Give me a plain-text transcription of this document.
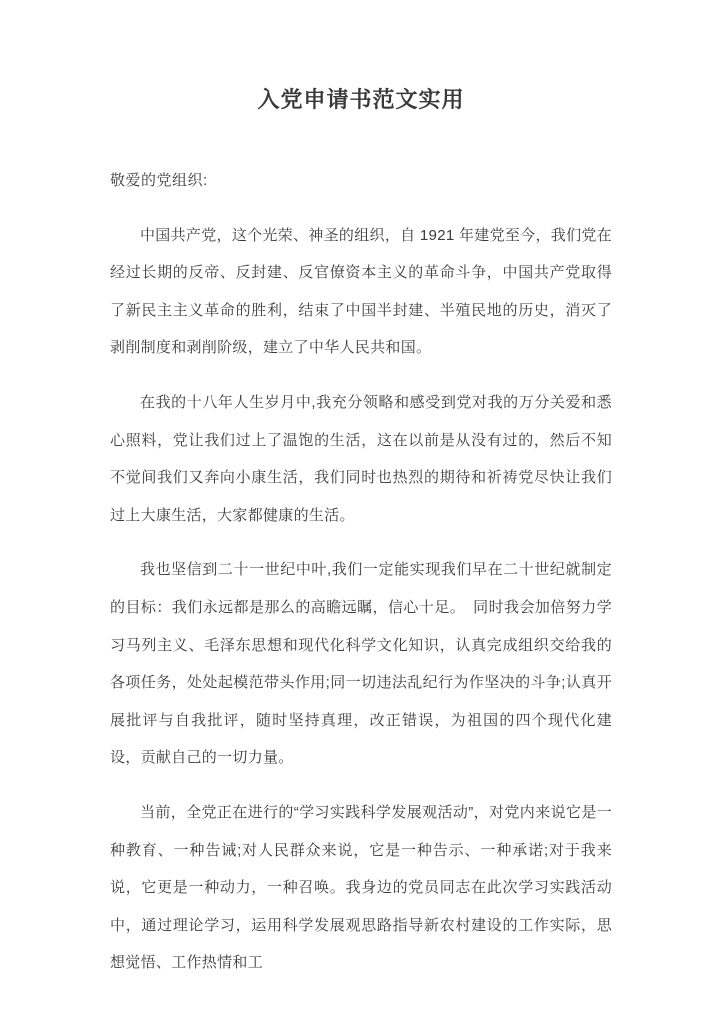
入党申请书范文实用

敬爱的党组织:

中国共产党，这个光荣、神圣的组织，自 1921 年建党至今，我们党在经过长期的反帝、反封建、反官僚资本主义的革命斗争，中国共产党取得了新民主主义革命的胜利，结束了中国半封建、半殖民地的历史，消灭了剥削制度和剥削阶级，建立了中华人民共和国。

在我的十八年人生岁月中,我充分领略和感受到党对我的万分关爱和悉心照料，党让我们过上了温饱的生活，这在以前是从没有过的，然后不知不觉间我们又奔向小康生活，我们同时也热烈的期待和祈祷党尽快让我们过上大康生活，大家都健康的生活。

我也坚信到二十一世纪中叶,我们一定能实现我们早在二十世纪就制定的目标：我们永远都是那么的高瞻远瞩，信心十足。　同时我会加倍努力学习马列主义、毛泽东思想和现代化科学文化知识，认真完成组织交给我的各项任务，处处起模范带头作用;同一切违法乱纪行为作坚决的斗争;认真开展批评与自我批评，随时坚持真理，改正错误，为祖国的四个现代化建设，贡献自己的一切力量。

当前，全党正在进行的“学习实践科学发展观活动”，对党内来说它是一种教育、一种告诫;对人民群众来说，它是一种告示、一种承诺;对于我来说，它更是一种动力，一种召唤。我身边的党员同志在此次学习实践活动中，通过理论学习，运用科学发展观思路指导新农村建设的工作实际，思想觉悟、工作热情和工
